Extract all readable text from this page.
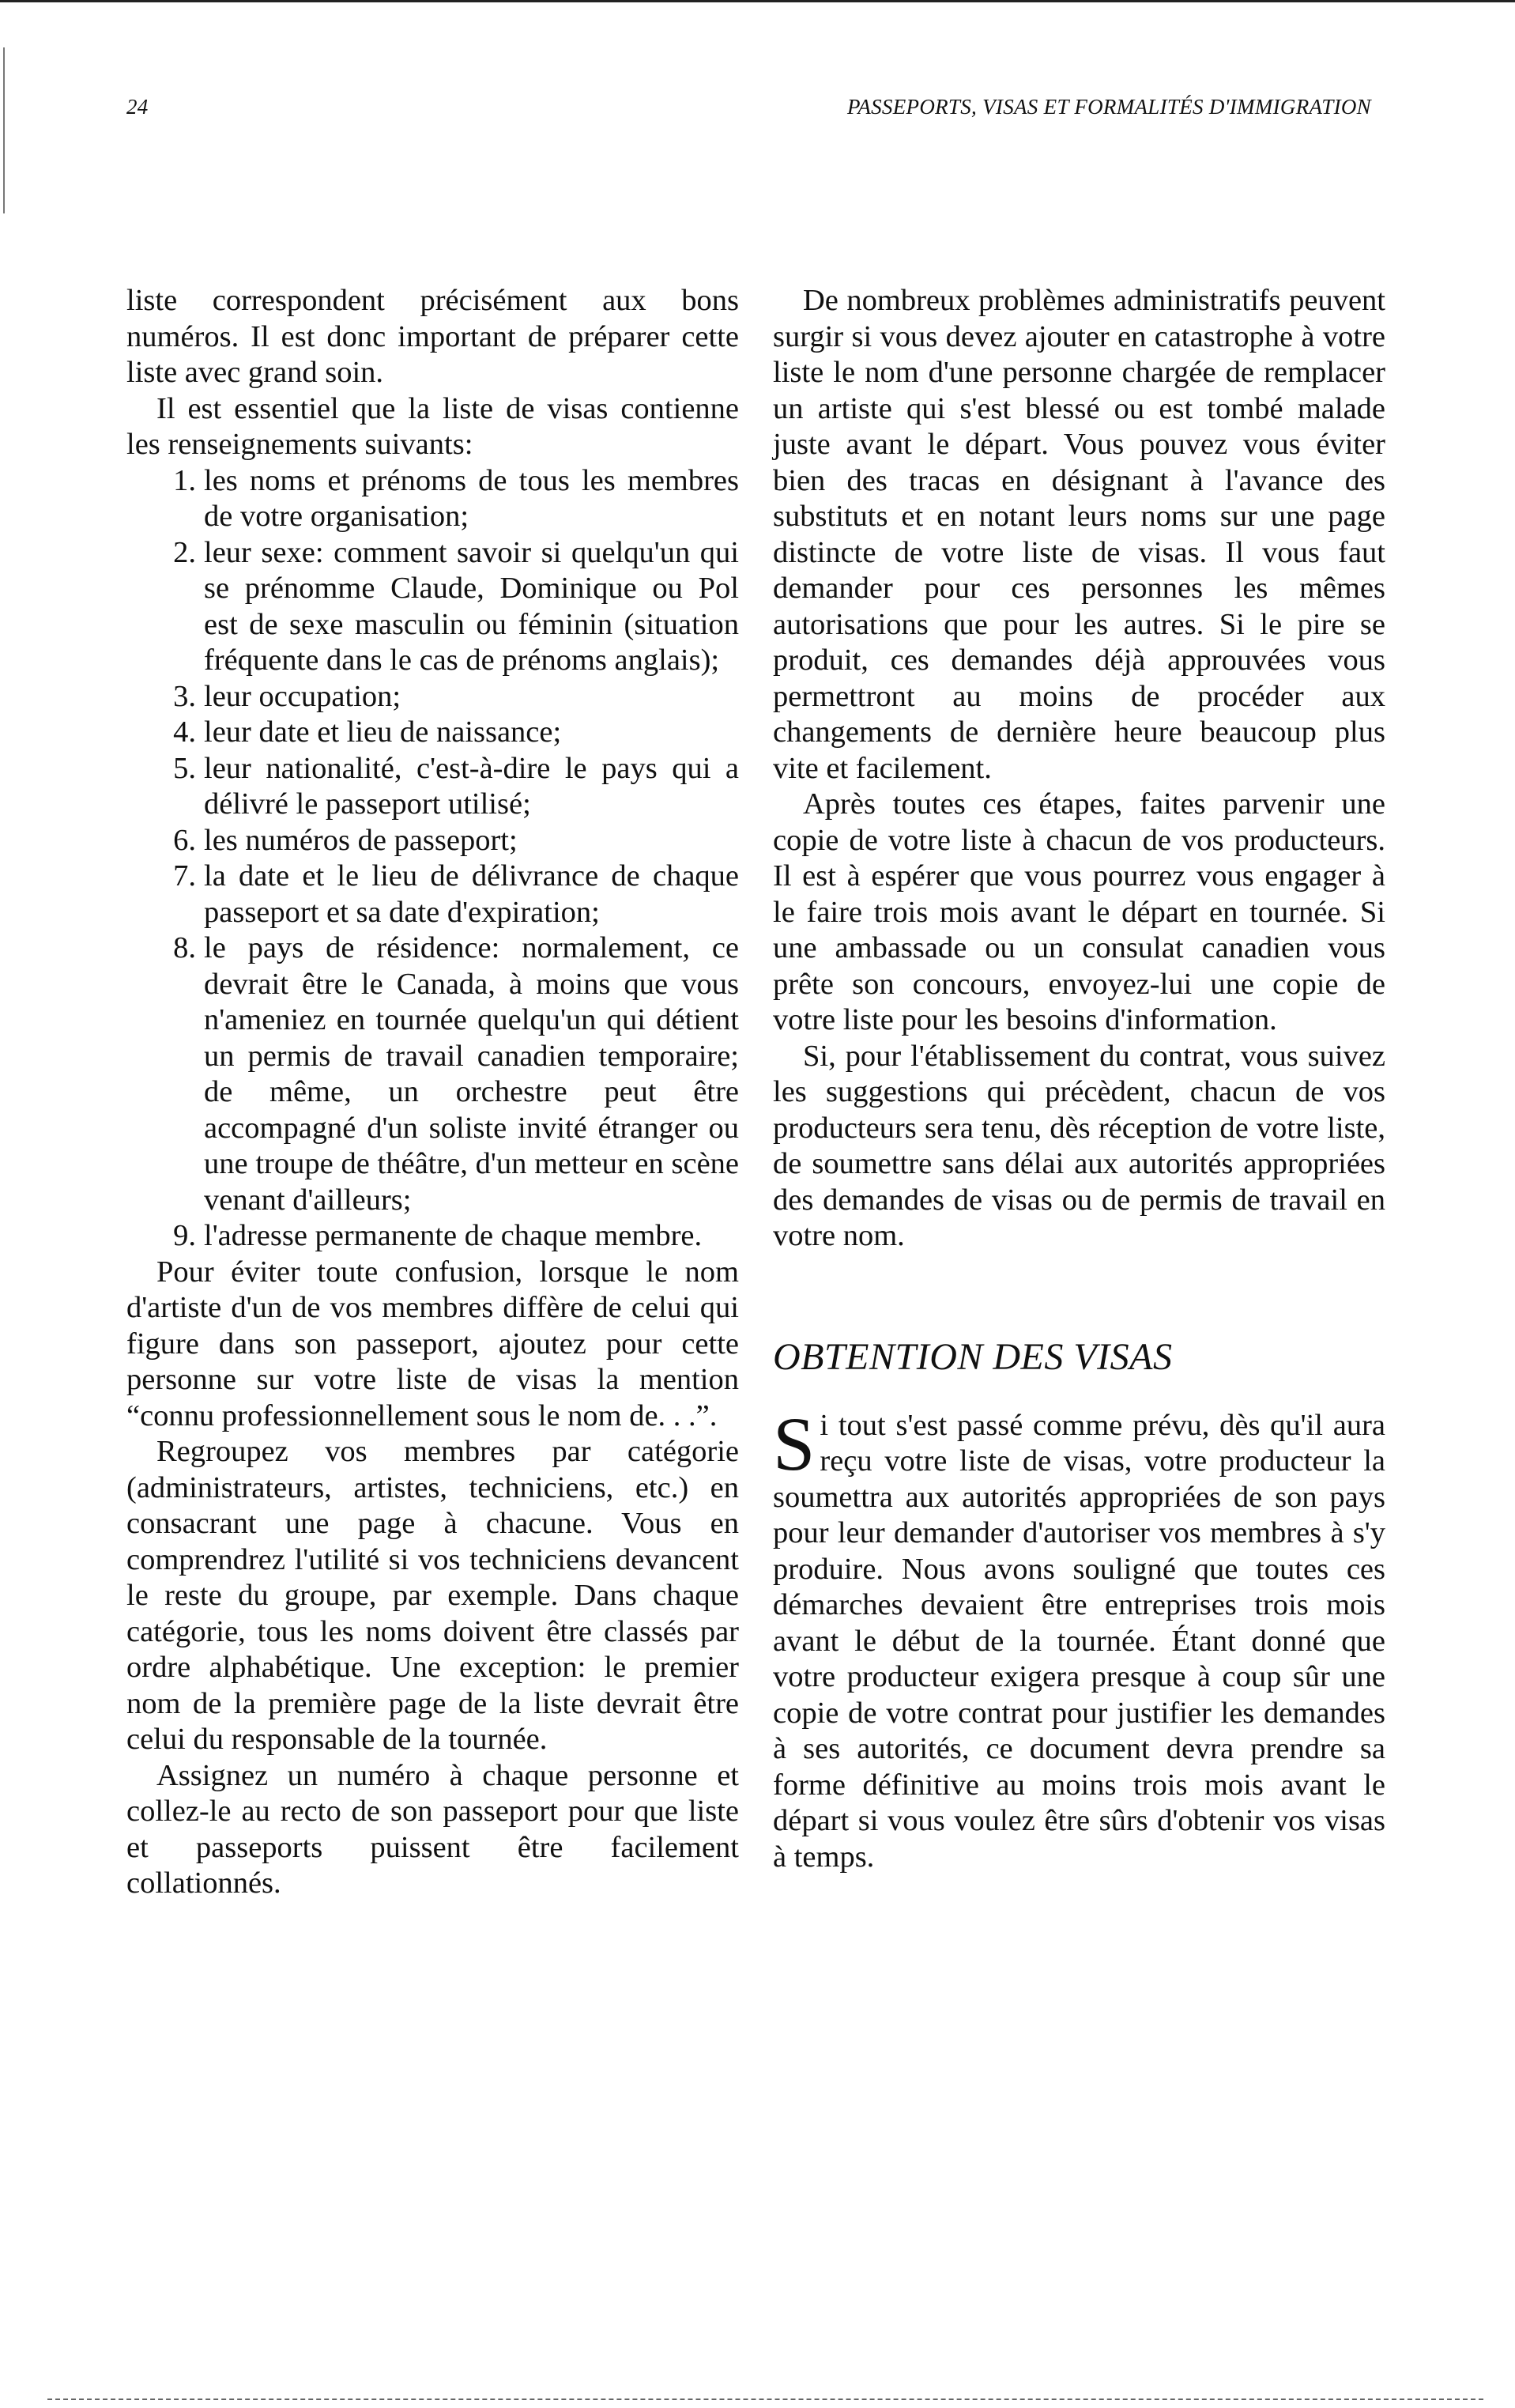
24	PASSEPORTS, VISAS ET FORMALITÉS D'IMMIGRATION

liste correspondent précisément aux bons numéros. Il est donc important de préparer cette liste avec grand soin.

Il est essentiel que la liste de visas contienne les renseignements suivants:

1. les noms et prénoms de tous les membres de votre organisation;
2. leur sexe: comment savoir si quelqu'un qui se prénomme Claude, Dominique ou Pol est de sexe masculin ou féminin (situation fréquente dans le cas de prénoms anglais);
3. leur occupation;
4. leur date et lieu de naissance;
5. leur nationalité, c'est-à-dire le pays qui a délivré le passeport utilisé;
6. les numéros de passeport;
7. la date et le lieu de délivrance de chaque passeport et sa date d'expiration;
8. le pays de résidence: normalement, ce devrait être le Canada, à moins que vous n'ameniez en tournée quelqu'un qui détient un permis de travail canadien temporaire; de même, un orchestre peut être accompagné d'un soliste invité étranger ou une troupe de théâtre, d'un metteur en scène venant d'ailleurs;
9. l'adresse permanente de chaque membre.

Pour éviter toute confusion, lorsque le nom d'artiste d'un de vos membres diffère de celui qui figure dans son passeport, ajoutez pour cette personne sur votre liste de visas la mention “connu professionnellement sous le nom de. . .”.

Regroupez vos membres par catégorie (administrateurs, artistes, techniciens, etc.) en consacrant une page à chacune. Vous en comprendrez l'utilité si vos techniciens devancent le reste du groupe, par exemple. Dans chaque catégorie, tous les noms doivent être classés par ordre alphabétique. Une exception: le premier nom de la première page de la liste devrait être celui du responsable de la tournée.

Assignez un numéro à chaque personne et collez-le au recto de son passeport pour que liste et passeports puissent être facilement collationnés.

De nombreux problèmes administratifs peuvent surgir si vous devez ajouter en catastrophe à votre liste le nom d'une personne chargée de remplacer un artiste qui s'est blessé ou est tombé malade juste avant le départ. Vous pouvez vous éviter bien des tracas en désignant à l'avance des substituts et en notant leurs noms sur une page distincte de votre liste de visas. Il vous faut demander pour ces personnes les mêmes autorisations que pour les autres. Si le pire se produit, ces demandes déjà approuvées vous permettront au moins de procéder aux changements de dernière heure beaucoup plus vite et facilement.

Après toutes ces étapes, faites parvenir une copie de votre liste à chacun de vos producteurs. Il est à espérer que vous pourrez vous engager à le faire trois mois avant le départ en tournée. Si une ambassade ou un consulat canadien vous prête son concours, envoyez-lui une copie de votre liste pour les besoins d'information.

Si, pour l'établissement du contrat, vous suivez les suggestions qui précèdent, chacun de vos producteurs sera tenu, dès réception de votre liste, de soumettre sans délai aux autorités appropriées des demandes de visas ou de permis de travail en votre nom.

OBTENTION DES VISAS

Si tout s'est passé comme prévu, dès qu'il aura reçu votre liste de visas, votre producteur la soumettra aux autorités appropriées de son pays pour leur demander d'autoriser vos membres à s'y produire. Nous avons souligné que toutes ces démarches devaient être entreprises trois mois avant le début de la tournée. Étant donné que votre producteur exigera presque à coup sûr une copie de votre contrat pour justifier les demandes à ses autorités, ce document devra prendre sa forme définitive au moins trois mois avant le départ si vous voulez être sûrs d'obtenir vos visas à temps.
